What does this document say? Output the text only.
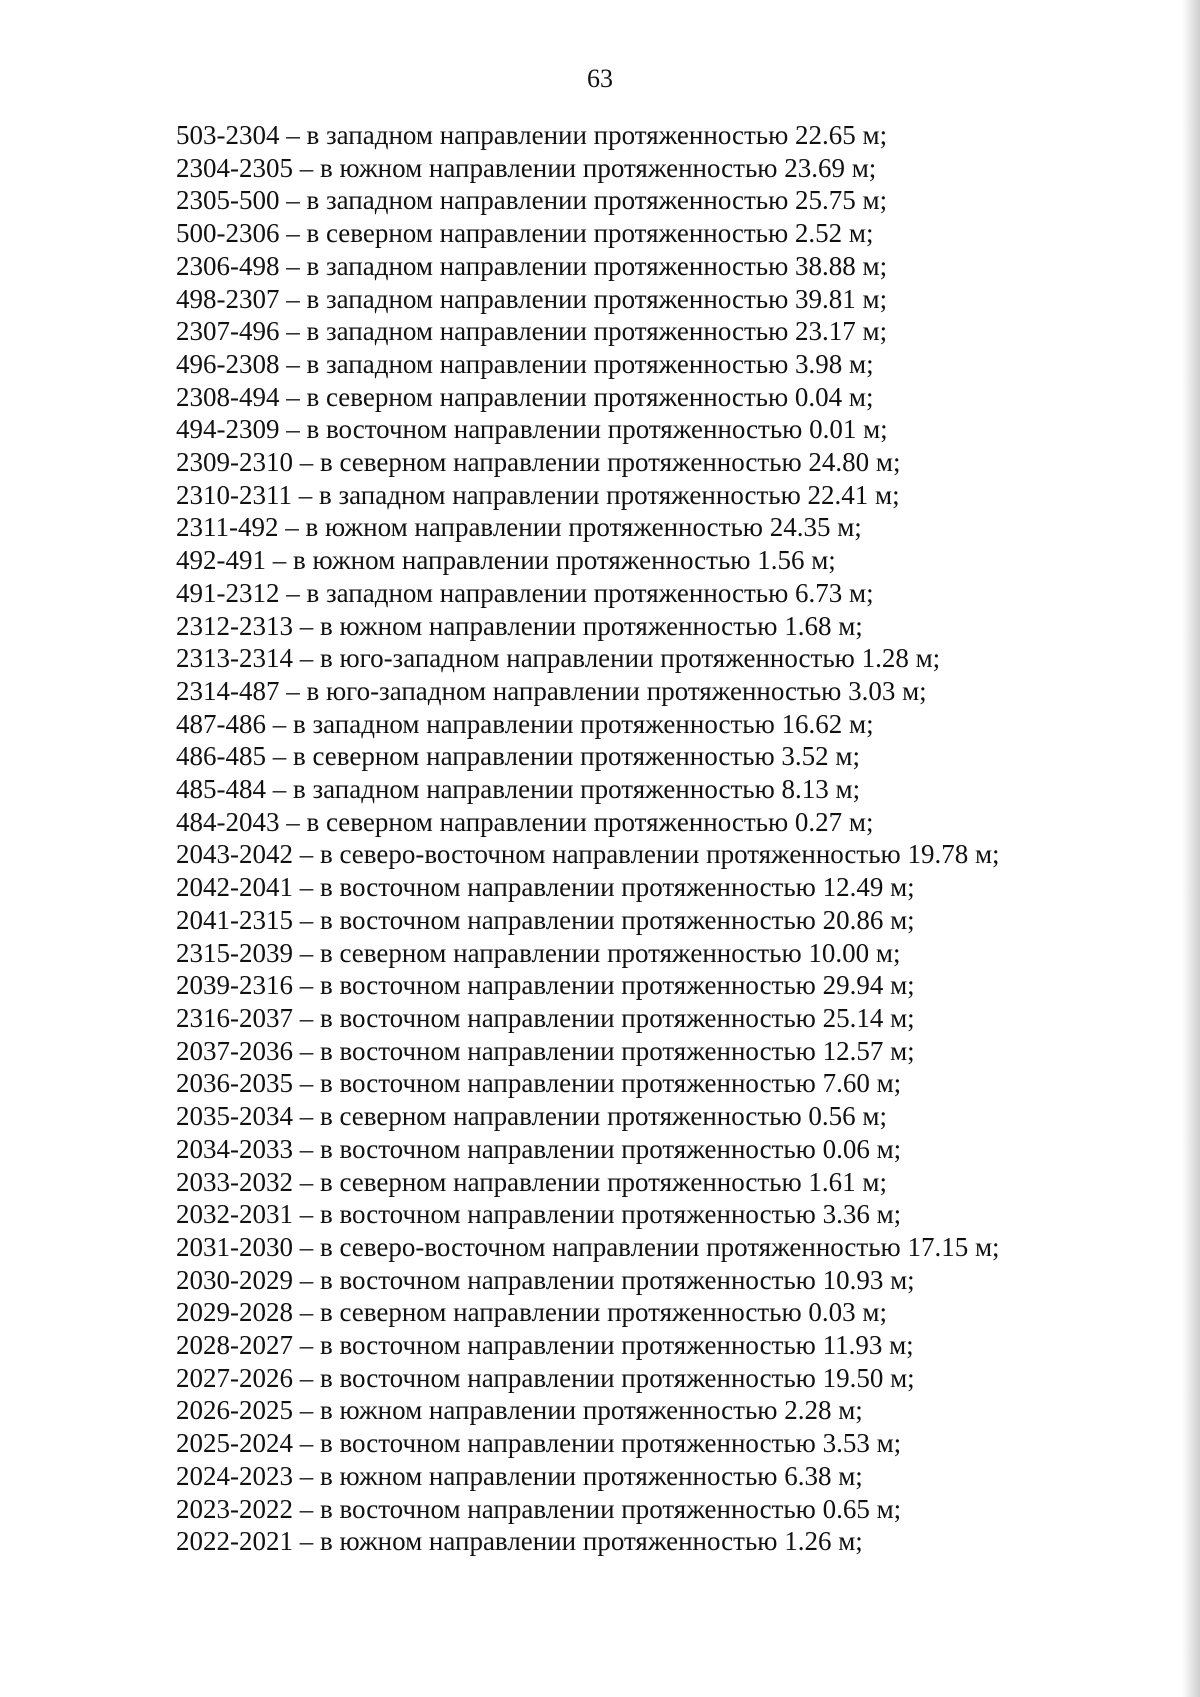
63
503-2304 – в западном направлении протяженностью 22.65 м;
2304-2305 – в южном направлении протяженностью 23.69 м;
2305-500 – в западном направлении протяженностью 25.75 м;
500-2306 – в северном направлении протяженностью 2.52 м;
2306-498 – в западном направлении протяженностью 38.88 м;
498-2307 – в западном направлении протяженностью 39.81 м;
2307-496 – в западном направлении протяженностью 23.17 м;
496-2308 – в западном направлении протяженностью 3.98 м;
2308-494 – в северном направлении протяженностью 0.04 м;
494-2309 – в восточном направлении протяженностью 0.01 м;
2309-2310 – в северном направлении протяженностью 24.80 м;
2310-2311 – в западном направлении протяженностью 22.41 м;
2311-492 – в южном направлении протяженностью 24.35 м;
492-491 – в южном направлении протяженностью 1.56 м;
491-2312 – в западном направлении протяженностью 6.73 м;
2312-2313 – в южном направлении протяженностью 1.68 м;
2313-2314 – в юго-западном направлении протяженностью 1.28 м;
2314-487 – в юго-западном направлении протяженностью 3.03 м;
487-486 – в западном направлении протяженностью 16.62 м;
486-485 – в северном направлении протяженностью 3.52 м;
485-484 – в западном направлении протяженностью 8.13 м;
484-2043 – в северном направлении протяженностью 0.27 м;
2043-2042 – в северо-восточном направлении протяженностью 19.78 м;
2042-2041 – в восточном направлении протяженностью 12.49 м;
2041-2315 – в восточном направлении протяженностью 20.86 м;
2315-2039 – в северном направлении протяженностью 10.00 м;
2039-2316 – в восточном направлении протяженностью 29.94 м;
2316-2037 – в восточном направлении протяженностью 25.14 м;
2037-2036 – в восточном направлении протяженностью 12.57 м;
2036-2035 – в восточном направлении протяженностью 7.60 м;
2035-2034 – в северном направлении протяженностью 0.56 м;
2034-2033 – в восточном направлении протяженностью 0.06 м;
2033-2032 – в северном направлении протяженностью 1.61 м;
2032-2031 – в восточном направлении протяженностью 3.36 м;
2031-2030 – в северо-восточном направлении протяженностью 17.15 м;
2030-2029 – в восточном направлении протяженностью 10.93 м;
2029-2028 – в северном направлении протяженностью 0.03 м;
2028-2027 – в восточном направлении протяженностью 11.93 м;
2027-2026 – в восточном направлении протяженностью 19.50 м;
2026-2025 – в южном направлении протяженностью 2.28 м;
2025-2024 – в восточном направлении протяженностью 3.53 м;
2024-2023 – в южном направлении протяженностью 6.38 м;
2023-2022 – в восточном направлении протяженностью 0.65 м;
2022-2021 – в южном направлении протяженностью 1.26 м;
